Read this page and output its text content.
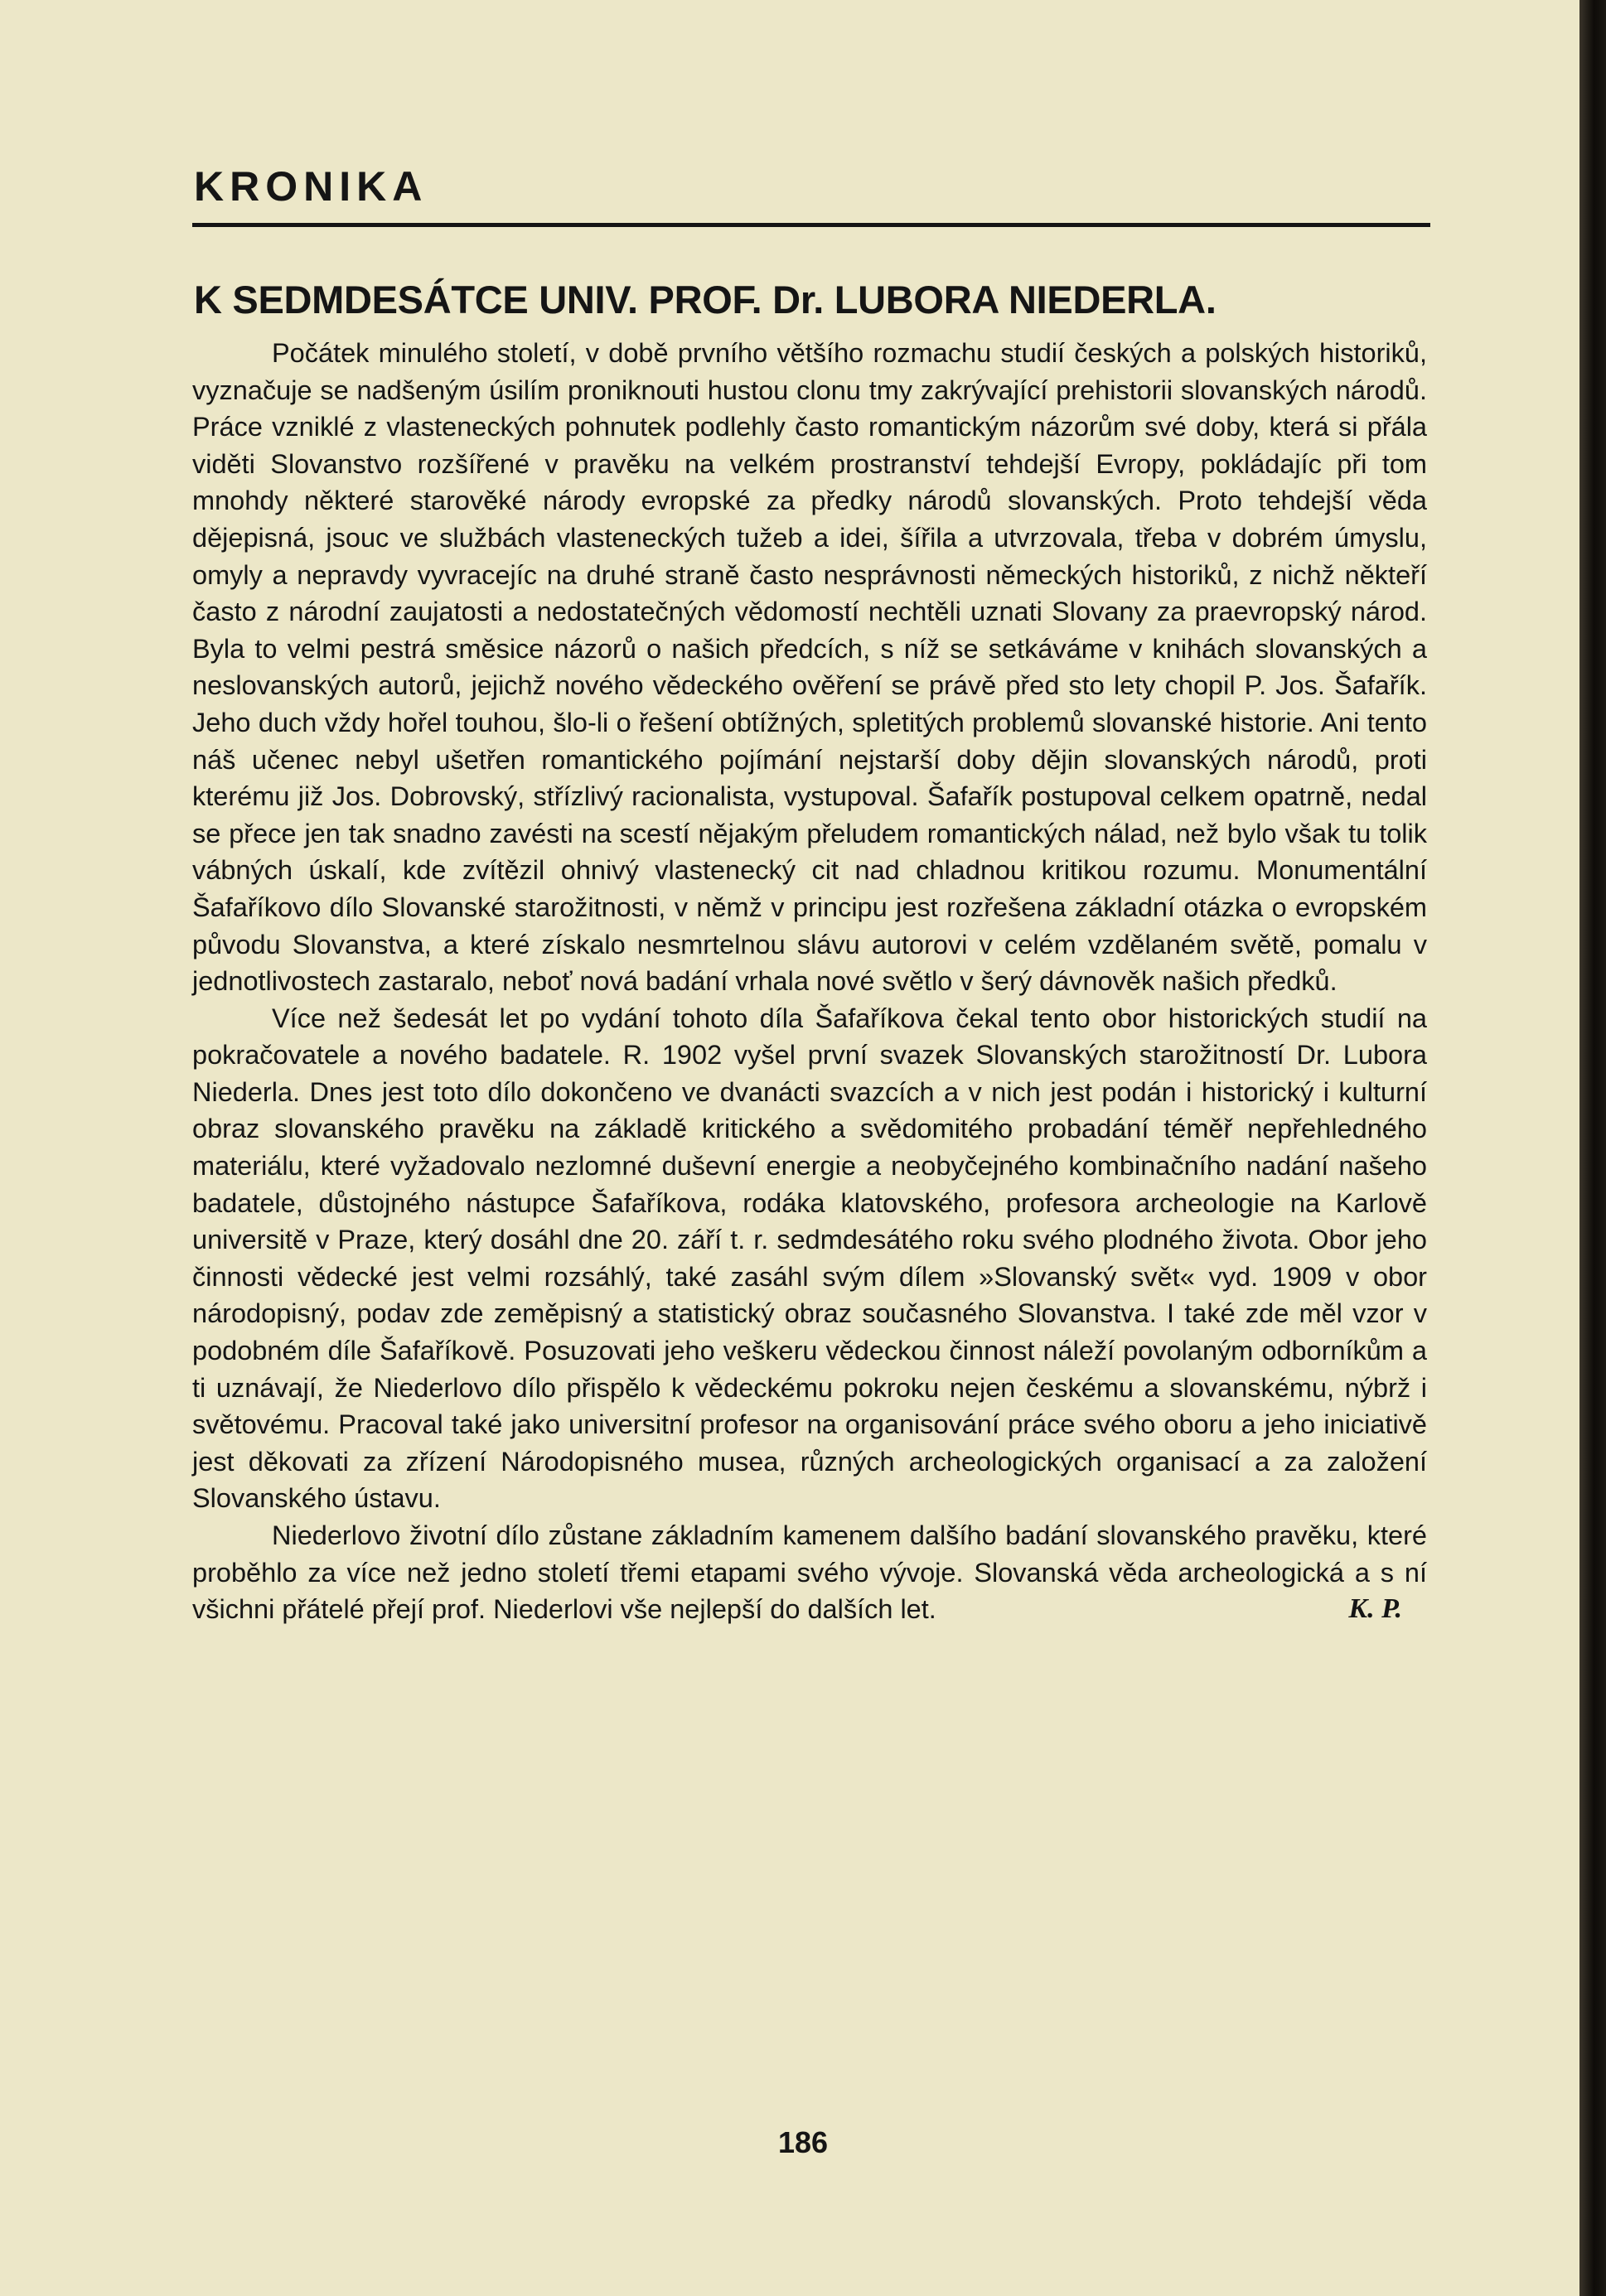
KRONIKA
K SEDMDESÁTCE UNIV. PROF. Dr. LUBORA NIEDERLA.

Počátek minulého století, v době prvního většího rozmachu studií českých a polských historiků, vyznačuje se nadšeným úsilím proniknouti hustou clonu tmy zakrývající prehistorii slovanských národů. Práce vzniklé z vlasteneckých pohnutek podlehly často romantickým názorům své doby, která si přála viděti Slovanstvo rozšířené v pravěku na velkém prostranství tehdejší Evropy, pokládajíc při tom mnohdy některé starověké národy evropské za předky národů slovanských. Proto tehdejší věda dějepisná, jsouc ve službách vlasteneckých tužeb a idei, šířila a utvrzovala, třeba v dobrém úmyslu, omyly a nepravdy vyvracejíc na druhé straně často nesprávnosti německých historiků, z nichž někteří často z národní zaujatosti a nedostatečných vědomostí nechtěli uznati Slovany za praevropský národ. Byla to velmi pestrá směsice názorů o našich předcích, s níž se setkáváme v knihách slovanských a neslovanských autorů, jejichž nového vědeckého ověření se právě před sto lety chopil P. Jos. Šafařík. Jeho duch vždy hořel touhou, šlo-li o řešení obtížných, spletitých problemů slovanské historie. Ani tento náš učenec nebyl ušetřen romantického pojímání nejstarší doby dějin slovanských národů, proti kterému již Jos. Dobrovský, střízlivý racionalista, vystupoval. Šafařík postupoval celkem opatrně, nedal se přece jen tak snadno zavésti na scestí nějakým přeludem romantických nálad, než bylo však tu tolik vábných úskalí, kde zvítězil ohnivý vlastenecký cit nad chladnou kritikou rozumu. Monumentální Šafaříkovo dílo Slovanské starožitnosti, v němž v principu jest rozřešena základní otázka o evropském původu Slovanstva, a které získalo nesmrtelnou slávu autorovi v celém vzdělaném světě, pomalu v jednotlivostech zastaralo, neboť nová badání vrhala nové světlo v šerý dávnověk našich předků.

Více než šedesát let po vydání tohoto díla Šafaříkova čekal tento obor historických studií na pokračovatele a nového badatele. R. 1902 vyšel první svazek Slovanských starožitností Dr. Lubora Niederla. Dnes jest toto dílo dokončeno ve dvanácti svazcích a v nich jest podán i historický i kulturní obraz slovanského pravěku na základě kritického a svědomitého probadání téměř nepřehledného materiálu, které vyžadovalo nezlomné duševní energie a neobyčejného kombinačního nadání našeho badatele, důstojného nástupce Šafaříkova, rodáka klatovského, profesora archeologie na Karlově universitě v Praze, který dosáhl dne 20. září t. r. sedmdesátého roku svého plodného života. Obor jeho činnosti vědecké jest velmi rozsáhlý, také zasáhl svým dílem »Slovanský svět« vyd. 1909 v obor národopisný, podav zde zeměpisný a statistický obraz současného Slovanstva. I také zde měl vzor v podobném díle Šafaříkově. Posuzovati jeho veškeru vědeckou činnost náleží povolaným odborníkům a ti uznávají, že Niederlovo dílo přispělo k vědeckému pokroku nejen českému a slovanskému, nýbrž i světovému. Pracoval také jako universitní profesor na organisování práce svého oboru a jeho iniciativě jest děkovati za zřízení Národopisného musea, různých archeologických organisací a za založení Slovanského ústavu.

Niederlovo životní dílo zůstane základním kamenem dalšího badání slovanského pravěku, které proběhlo za více než jedno století třemi etapami svého vývoje. Slovanská věda archeologická a s ní všichni přátelé přejí prof. Niederlovi vše nejlepší do dalších let.	K. P.

186
